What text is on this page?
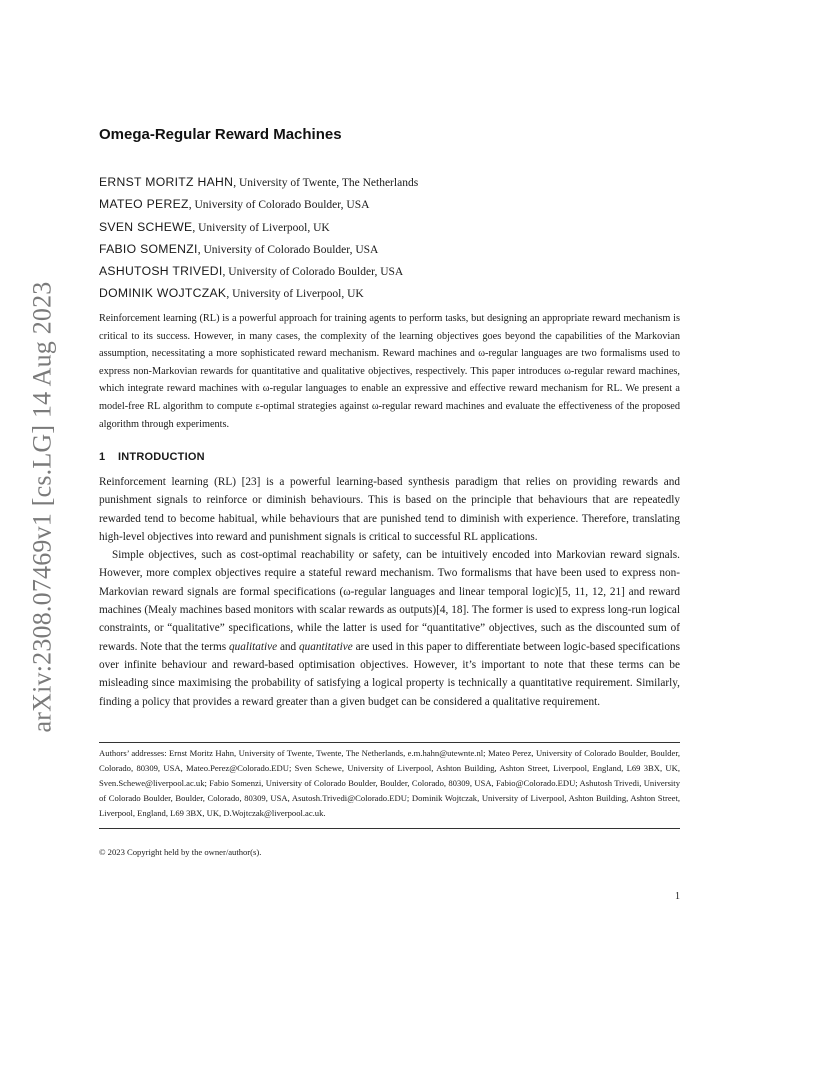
arXiv:2308.07469v1 [cs.LG] 14 Aug 2023
Omega-Regular Reward Machines
ERNST MORITZ HAHN, University of Twente, The Netherlands
MATEO PEREZ, University of Colorado Boulder, USA
SVEN SCHEWE, University of Liverpool, UK
FABIO SOMENZI, University of Colorado Boulder, USA
ASHUTOSH TRIVEDI, University of Colorado Boulder, USA
DOMINIK WOJTCZAK, University of Liverpool, UK

Reinforcement learning (RL) is a powerful approach for training agents to perform tasks, but designing an appropriate reward mechanism is critical to its success. However, in many cases, the complexity of the learning objectives goes beyond the capabilities of the Markovian assumption, necessitating a more sophisticated reward mechanism. Reward machines and ω-regular languages are two formalisms used to express non-Markovian rewards for quantitative and qualitative objectives, respectively. This paper introduces ω-regular reward machines, which integrate reward machines with ω-regular languages to enable an expressive and effective reward mechanism for RL. We present a model-free RL algorithm to compute ε-optimal strategies against ω-regular reward machines and evaluate the effectiveness of the proposed algorithm through experiments.

1 INTRODUCTION

Reinforcement learning (RL) [23] is a powerful learning-based synthesis paradigm that relies on providing rewards and punishment signals to reinforce or diminish behaviours. This is based on the principle that behaviours that are repeatedly rewarded tend to become habitual, while behaviours that are punished tend to diminish with experience. Therefore, translating high-level objectives into reward and punishment signals is critical to successful RL applications.

Simple objectives, such as cost-optimal reachability or safety, can be intuitively encoded into Markovian reward signals. However, more complex objectives require a stateful reward mechanism. Two formalisms that have been used to express non-Markovian reward signals are formal specifications (ω-regular languages and linear temporal logic)[5, 11, 12, 21] and reward machines (Mealy machines based monitors with scalar rewards as outputs)[4, 18]. The former is used to express long-run logical constraints, or “qualitative” specifications, while the latter is used for “quantitative” objectives, such as the discounted sum of rewards. Note that the terms qualitative and quantitative are used in this paper to differentiate between logic-based specifications over infinite behaviour and reward-based optimisation objectives. However, it’s important to note that these terms can be misleading since maximising the probability of satisfying a logical property is technically a quantitative requirement. Similarly, finding a policy that provides a reward greater than a given budget can be considered a qualitative requirement.

Authors’ addresses: Ernst Moritz Hahn, University of Twente, Twente, The Netherlands, e.m.hahn@utewnte.nl; Mateo Perez, University of Colorado Boulder, Boulder, Colorado, 80309, USA, Mateo.Perez@Colorado.EDU; Sven Schewe, University of Liverpool, Ashton Building, Ashton Street, Liverpool, England, L69 3BX, UK, Sven.Schewe@liverpool.ac.uk; Fabio Somenzi, University of Colorado Boulder, Boulder, Colorado, 80309, USA, Fabio@Colorado.EDU; Ashutosh Trivedi, University of Colorado Boulder, Boulder, Colorado, 80309, USA, Asutosh.Trivedi@Colorado.EDU; Dominik Wojtczak, University of Liverpool, Ashton Building, Ashton Street, Liverpool, England, L69 3BX, UK, D.Wojtczak@liverpool.ac.uk.

© 2023 Copyright held by the owner/author(s).
1
